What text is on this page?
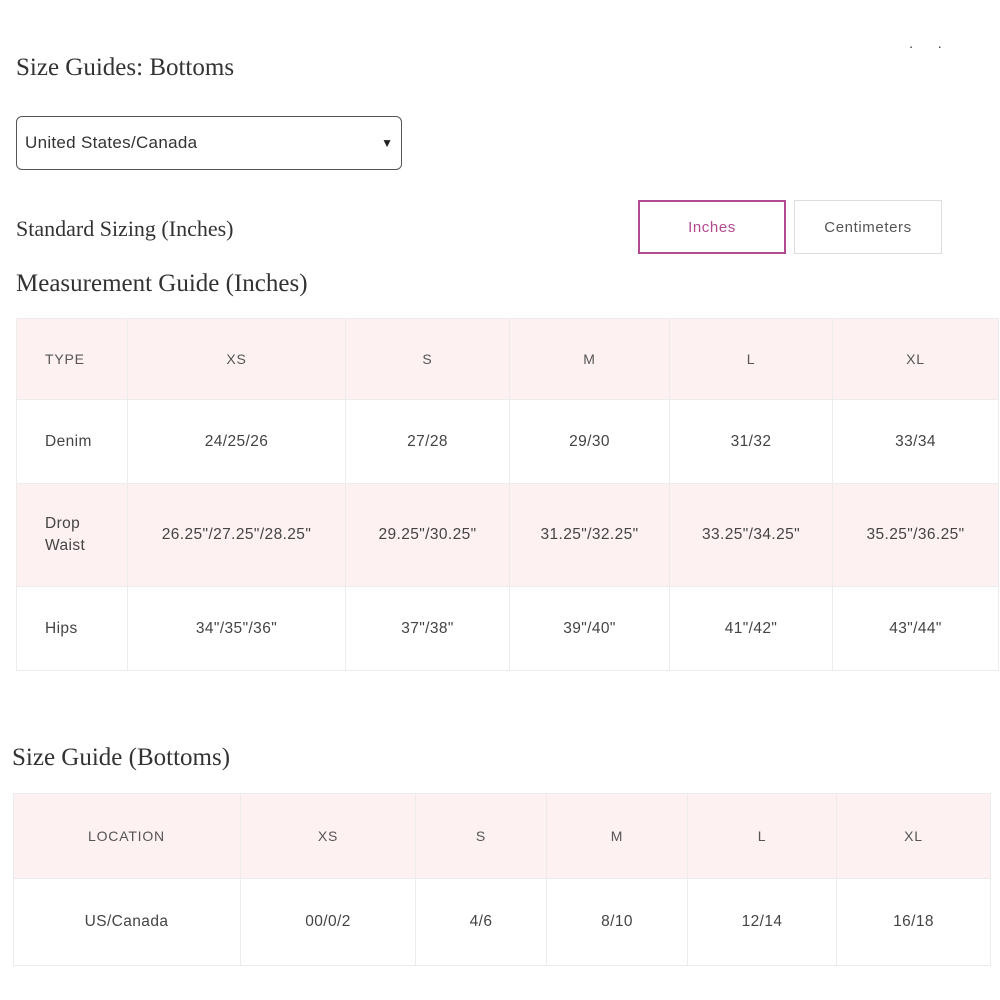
Size Guides: Bottoms
· ·
United States/Canada	▼
Standard Sizing (Inches)	Inches	Centimeters
Measurement Guide (Inches)
TYPE	XS	S	M	L	XL
Denim	24/25/26	27/28	29/30	31/32	33/34
Drop Waist	26.25"/27.25"/28.25"	29.25"/30.25"	31.25"/32.25"	33.25"/34.25"	35.25"/36.25"
Hips	34"/35"/36"	37"/38"	39"/40"	41"/42"	43"/44"
Size Guide (Bottoms)
LOCATION	XS	S	M	L	XL
US/Canada	00/0/2	4/6	8/10	12/14	16/18
